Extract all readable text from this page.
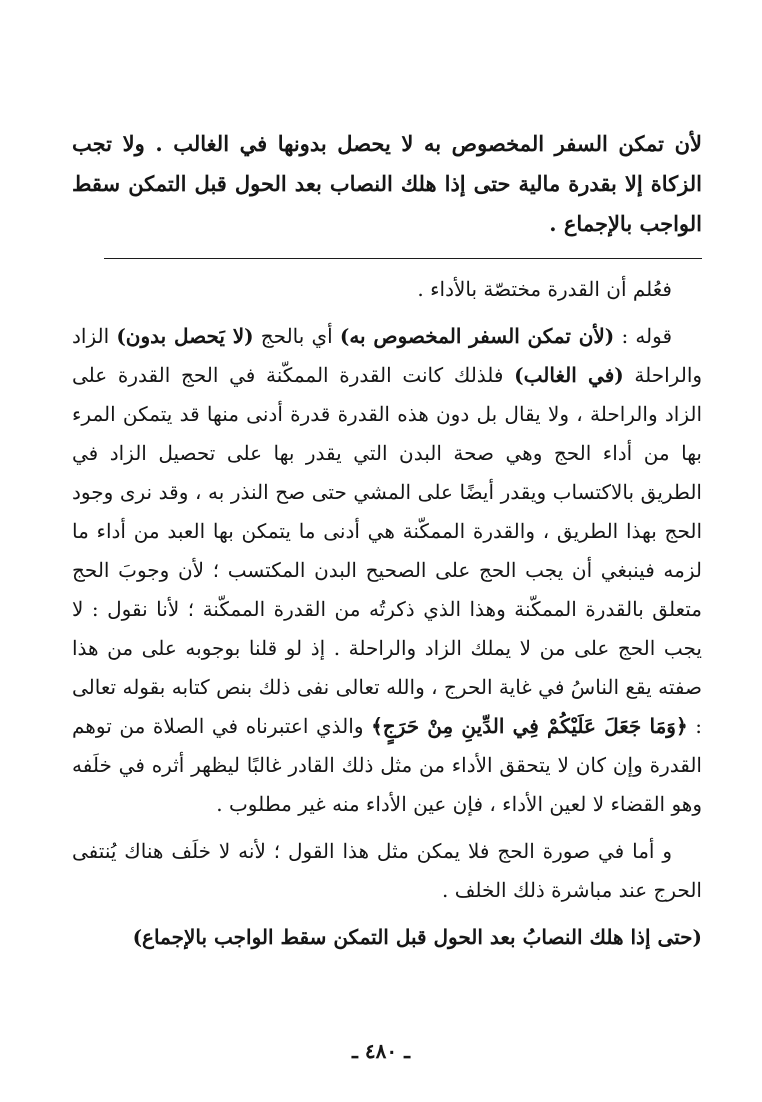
لأن تمكن السفر المخصوص به لا يحصل بدونها في الغالب . ولا تجب الزكاة إلا بقدرة مالية حتى إذا هلك النصاب بعد الحول قبل التمكن سقط الواجب بالإجماع .

فعُلم أن القدرة مختصّة بالأداء .

قوله : (لأن تمكن السفر المخصوص به) أي بالحج (لا يَحصل بدون) الزاد والراحلة (في الغالب) فلذلك كانت القدرة الممكّنة في الحج القدرة على الزاد والراحلة ، ولا يقال بل دون هذه القدرة قدرة أدنى منها قد يتمكن المرء بها من أداء الحج وهي صحة البدن التي يقدر بها على تحصيل الزاد في الطريق بالاكتساب ويقدر أيضًا على المشي حتى صح النذر به ، وقد نرى وجود الحج بهذا الطريق ، والقدرة الممكّنة هي أدنى ما يتمكن بها العبد من أداء ما لزمه فينبغي أن يجب الحج على الصحيح البدن المكتسب ؛ لأن وجوبَ الحج متعلق بالقدرة الممكّنة وهذا الذي ذكرتُه من القدرة الممكّنة ؛ لأنا نقول : لا يجب الحج على من لا يملك الزاد والراحلة . إذ لو قلنا بوجوبه على من هذا صفته يقع الناسُ في غاية الحرج ، والله تعالى نفى ذلك بنص كتابه بقوله تعالى : ﴿وَمَا جَعَلَ عَلَيْكُمْ فِي الدِّينِ مِنْ حَرَجٍ﴾ والذي اعتبرناه في الصلاة من توهم القدرة وإن كان لا يتحقق الأداء من مثل ذلك القادر غالبًا ليظهر أثره في خلَفه وهو القضاء لا لعين الأداء ، فإن عين الأداء منه غير مطلوب .

و أما في صورة الحج فلا يمكن مثل هذا القول ؛ لأنه لا خلَف هناك يُنتفى الحرج عند مباشرة ذلك الخلف .

(حتى إذا هلك النصابُ بعد الحول قبل التمكن سقط الواجب بالإجماع)

ـ ٤٨٠ ـ
